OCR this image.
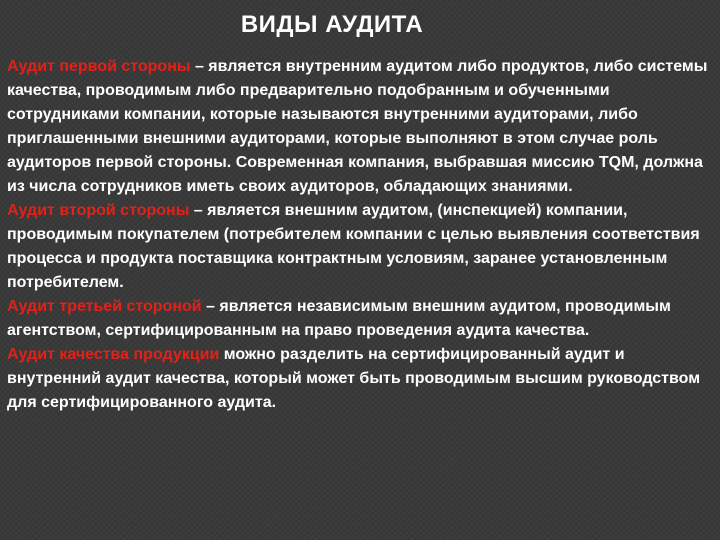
ВИДЫ АУДИТА

Аудит первой стороны – является внутренним аудитом либо продуктов, либо системы качества, проводимым либо предварительно подобранным и обученными сотрудниками компании, которые называются внутренними аудиторами, либо приглашенными внешними аудиторами, которые выполняют в этом случае роль аудиторов первой стороны. Современная компания, выбравшая миссию TQM, должна из числа сотрудников иметь своих аудиторов, обладающих знаниями.

Аудит второй стороны – является внешним аудитом, (инспекцией) компании, проводимым покупателем (потребителем компании с целью выявления соответствия процесса и продукта поставщика контрактным условиям, заранее установленным потребителем.

Аудит третьей стороной – является независимым внешним аудитом, проводимым агентством, сертифицированным на право проведения аудита качества.

Аудит качества продукции можно разделить на сертифицированный аудит и внутренний аудит качества, который может быть проводимым высшим руководством для сертифицированного аудита.
